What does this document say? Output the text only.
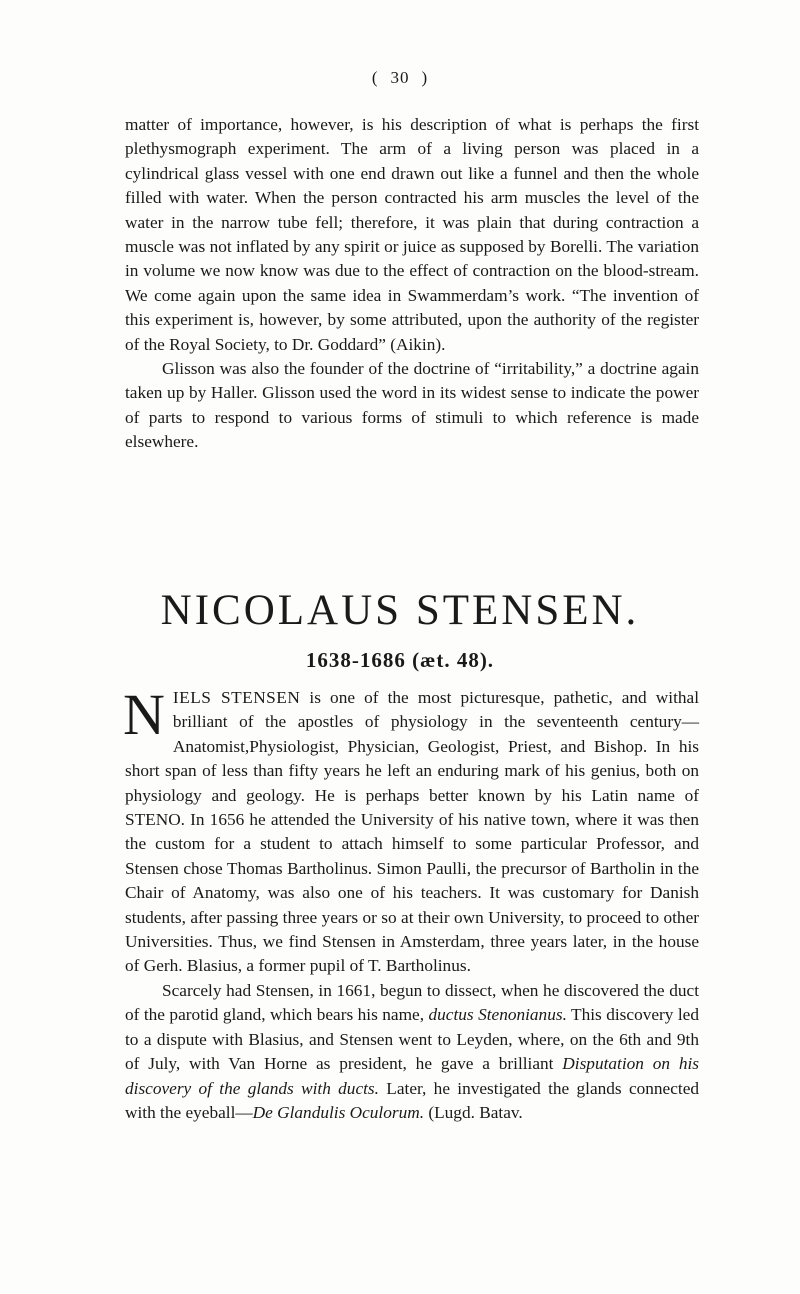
( 30 )

matter of importance, however, is his description of what is perhaps the first plethysmograph experiment. The arm of a living person was placed in a cylindrical glass vessel with one end drawn out like a funnel and then the whole filled with water. When the person contracted his arm muscles the level of the water in the narrow tube fell; therefore, it was plain that during contraction a muscle was not inflated by any spirit or juice as supposed by Borelli. The variation in volume we now know was due to the effect of contraction on the blood-stream. We come again upon the same idea in Swammerdam’s work. “The invention of this experiment is, however, by some attributed, upon the authority of the register of the Royal Society, to Dr. Goddard” (Aikin).

Glisson was also the founder of the doctrine of “irritability,” a doctrine again taken up by Haller. Glisson used the word in its widest sense to indicate the power of parts to respond to various forms of stimuli to which reference is made elsewhere.

NICOLAUS STENSEN.
1638-1686 (æt. 48).

NIELS STENSEN is one of the most picturesque, pathetic, and withal brilliant of the apostles of physiology in the seventeenth century—Anatomist,Physiologist, Physician, Geologist, Priest, and Bishop. In his short span of less than fifty years he left an enduring mark of his genius, both on physiology and geology. He is perhaps better known by his Latin name of STENO. In 1656 he attended the University of his native town, where it was then the custom for a student to attach himself to some particular Professor, and Stensen chose Thomas Bartholinus. Simon Paulli, the precursor of Bartholin in the Chair of Anatomy, was also one of his teachers. It was customary for Danish students, after passing three years or so at their own University, to proceed to other Universities. Thus, we find Stensen in Amsterdam, three years later, in the house of Gerh. Blasius, a former pupil of T. Bartholinus.

Scarcely had Stensen, in 1661, begun to dissect, when he discovered the duct of the parotid gland, which bears his name, ductus Stenonianus. This discovery led to a dispute with Blasius, and Stensen went to Leyden, where, on the 6th and 9th of July, with Van Horne as president, he gave a brilliant Disputation on his discovery of the glands with ducts. Later, he investigated the glands connected with the eyeball—De Glandulis Oculorum. (Lugd. Batav.
